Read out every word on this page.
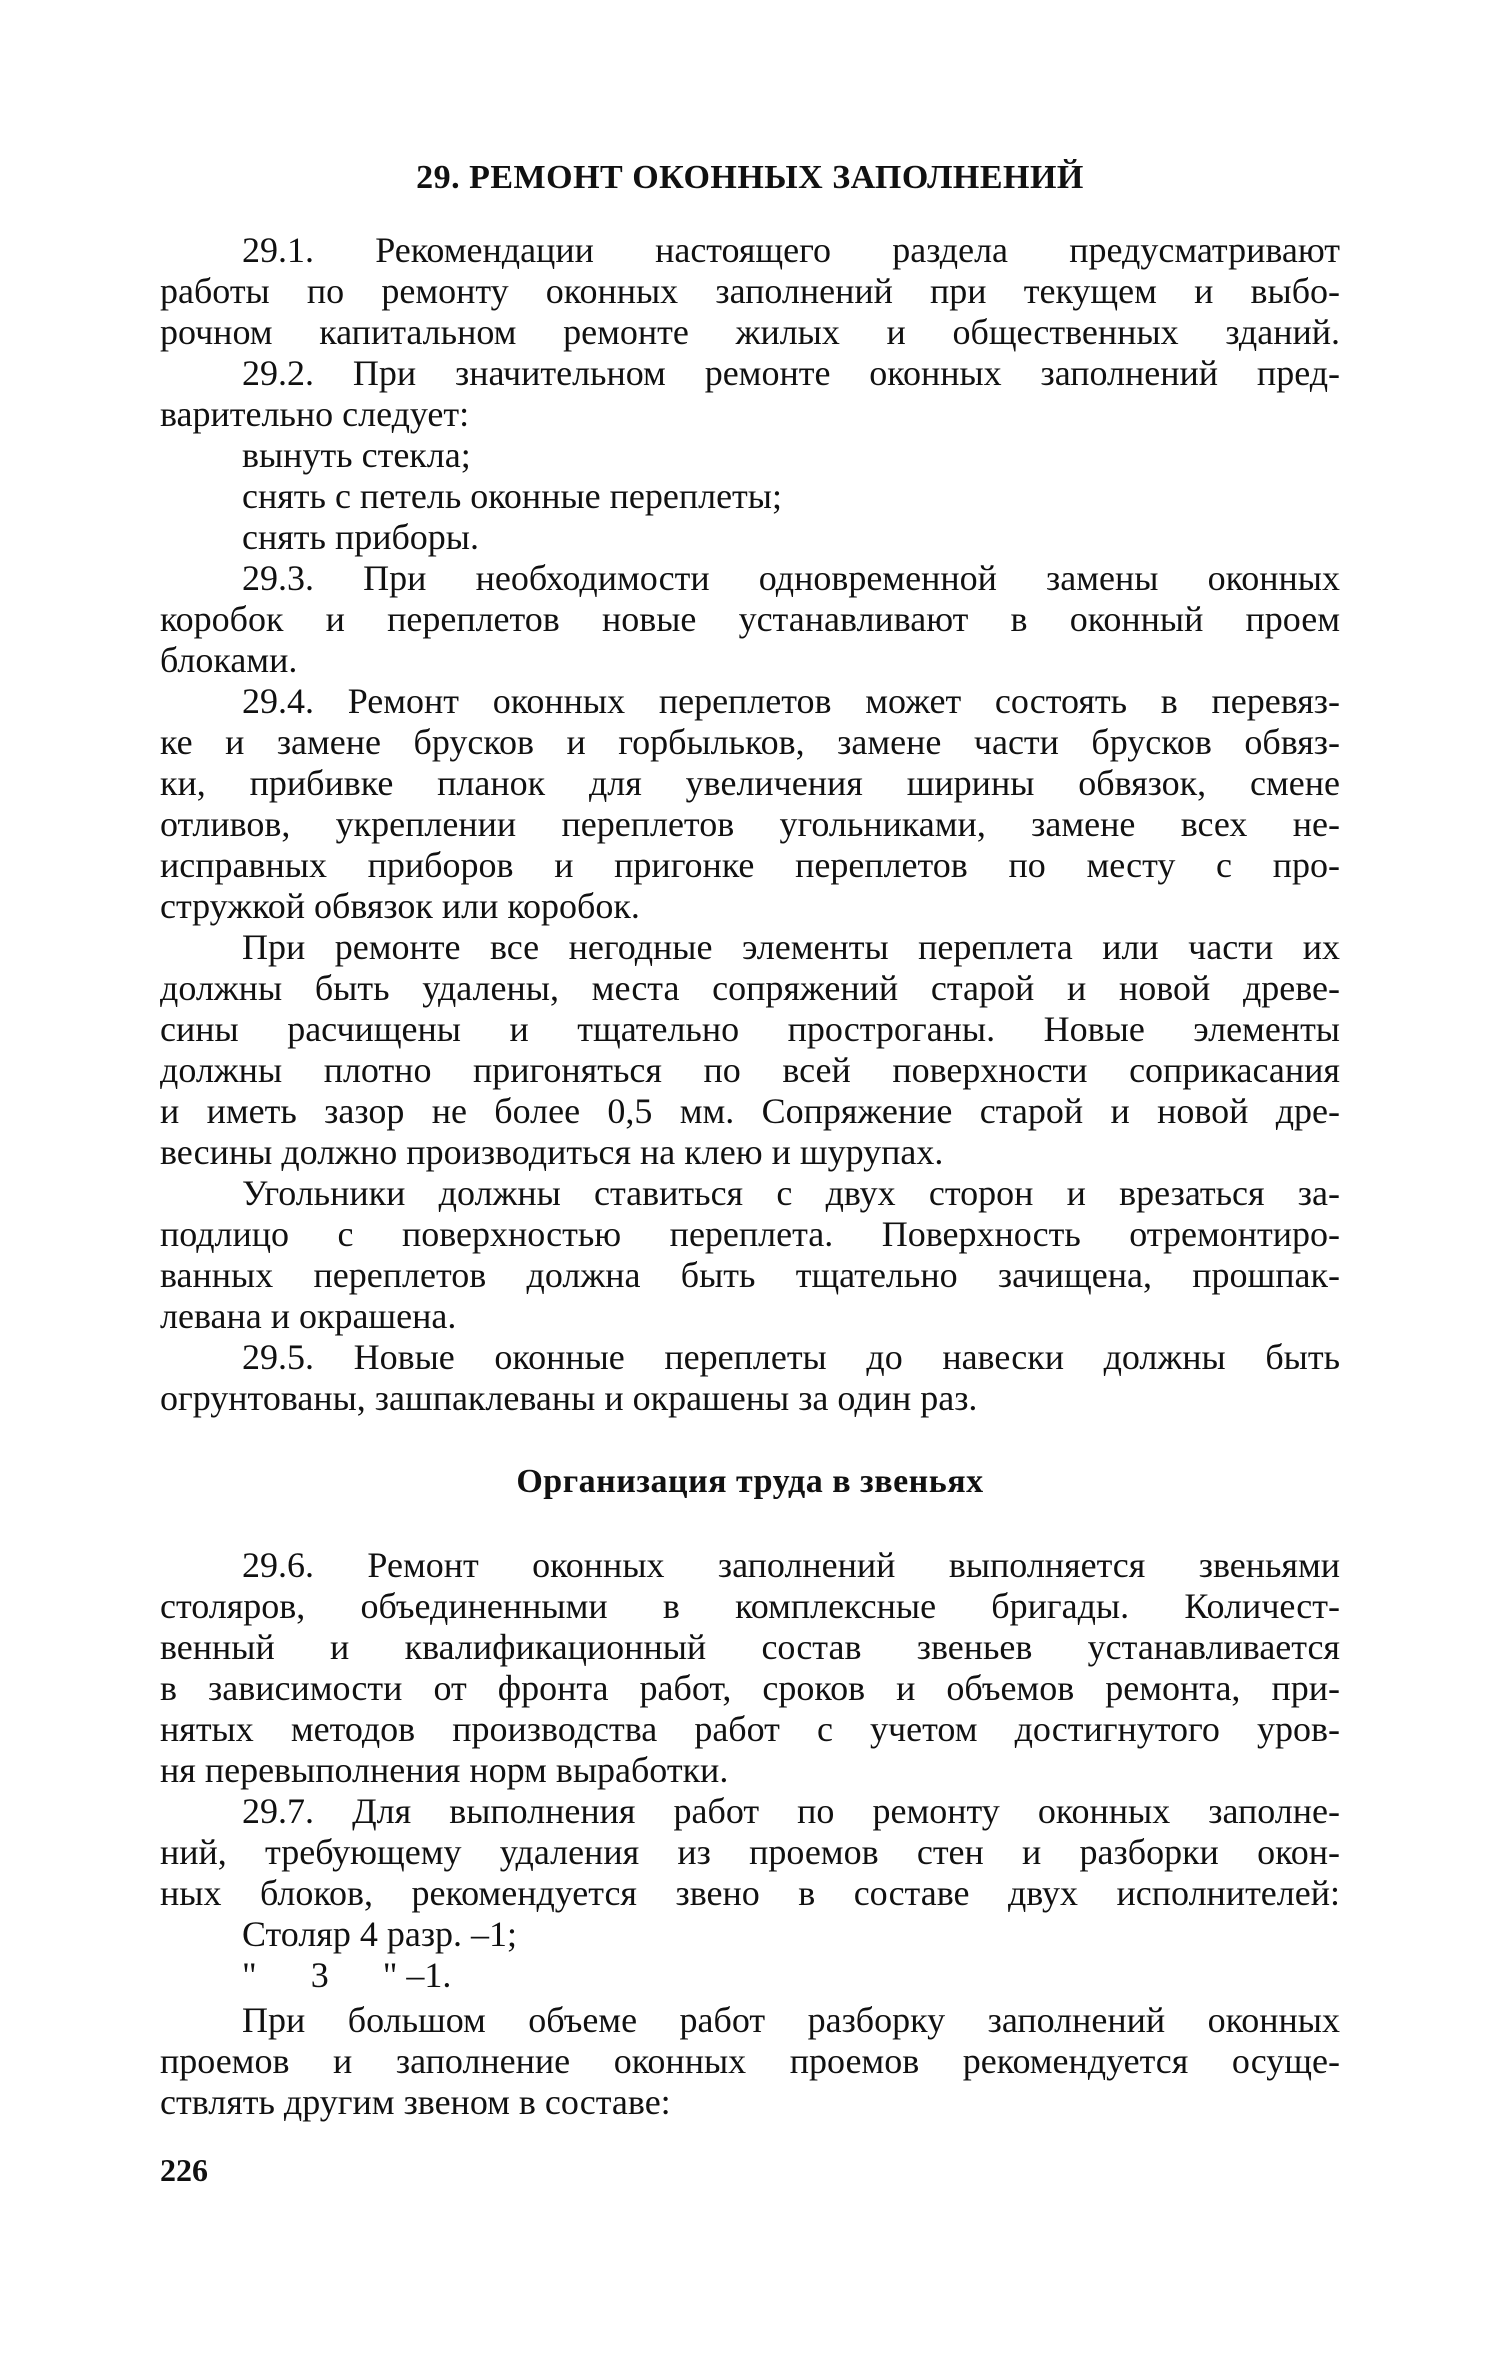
29. РЕМОНТ ОКОННЫХ ЗАПОЛНЕНИЙ
29.1. Рекомендации настоящего раздела предусматривают
работы по ремонту оконных заполнений при текущем и выбо-
рочном капитальном ремонте жилых и общественных зданий.
29.2. При значительном ремонте оконных заполнений пред-
варительно следует:
вынуть стекла;
снять с петель оконные переплеты;
снять приборы.
29.3. При необходимости одновременной замены оконных
коробок и переплетов новые устанавливают в оконный проем
блоками.
29.4. Ремонт оконных переплетов может состоять в перевяз-
ке и замене брусков и горбыльков, замене части брусков обвяз-
ки, прибивке планок для увеличения ширины обвязок, смене
отливов, укреплении переплетов угольниками, замене всех не-
исправных приборов и пригонке переплетов по месту с про-
стружкой обвязок или коробок.
При ремонте все негодные элементы переплета или части их
должны быть удалены, места сопряжений старой и новой древе-
сины расчищены и тщательно простроганы. Новые элементы
должны плотно пригоняться по всей поверхности соприкасания
и иметь зазор не более 0,5 мм. Сопряжение старой и новой дре-
весины должно производиться на клею и шурупах.
Угольники должны ставиться с двух сторон и врезаться за-
подлицо с поверхностью переплета. Поверхность отремонтиро-
ванных переплетов должна быть тщательно зачищена, прошпак-
левана и окрашена.
29.5. Новые оконные переплеты до навески должны быть
огрунтованы, зашпаклеваны и окрашены за один раз.
Организация труда в звеньях
29.6. Ремонт оконных заполнений выполняется звеньями
столяров, объединенными в комплексные бригады. Количест-
венный и квалификационный состав звеньев устанавливается
в зависимости от фронта работ, сроков и объемов ремонта, при-
нятых методов производства работ с учетом достигнутого уров-
ня перевыполнения норм выработки.
29.7. Для выполнения работ по ремонту оконных заполне-
ний, требующему удаления из проемов стен и разборки окон-
ных блоков, рекомендуется звено в составе двух исполнителей:
Столяр 4 разр. –1;
"      3      " –1.
При большом объеме работ разборку заполнений оконных
проемов и заполнение оконных проемов рекомендуется осуще-
ствлять другим звеном в составе:
226
